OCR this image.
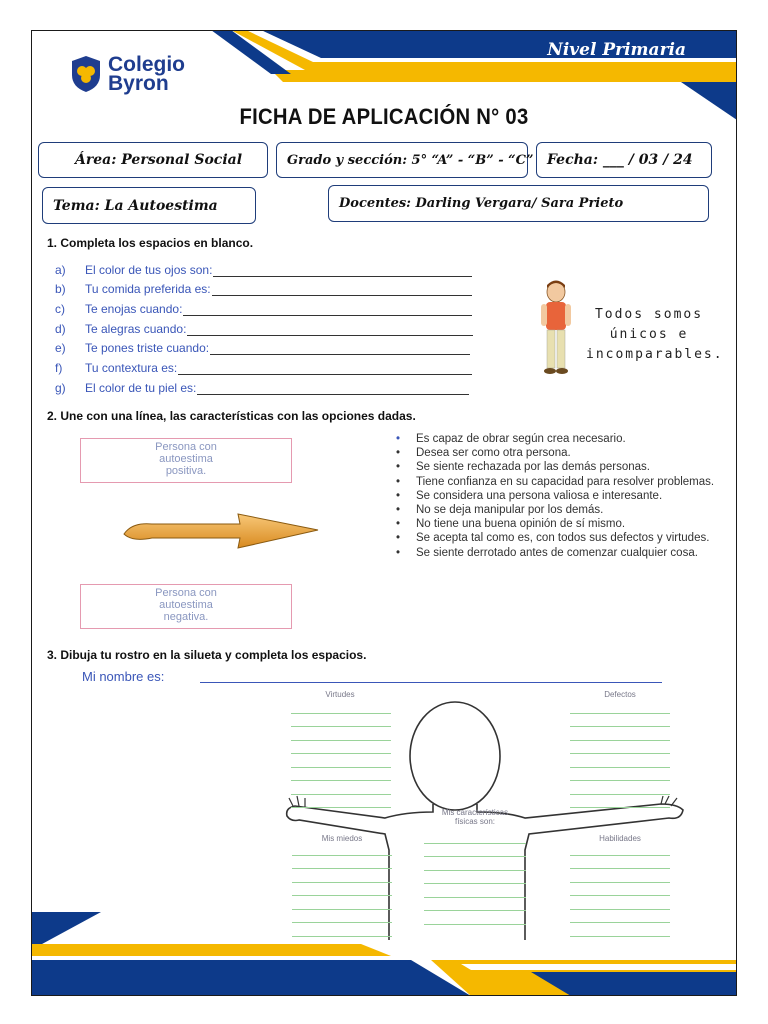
Colegio
Byron
Nivel Primaria
FICHA DE APLICACIÓN N° 03
Área: Personal Social	Grado y sección: 5° “A” - “B” - “C” Fecha: ___ / 03 / 24
Tema: La Autoestima	Docentes: Darling Vergara/ Sara Prieto
1. Completa los espacios en blanco.
a)	El color de tus ojos son:
b)	Tu comida preferida es:
c)	Te enojas cuando:
d)	Te alegras cuando:
e)	Te pones triste cuando:
f)	Tu contextura es:
g)	El color de tu piel es:
Todos somos
únicos e
incomparables.
2. Une con una línea, las características con las opciones dadas.
Persona con
autoestima
positiva.
Persona con
autoestima
negativa.
•	Es capaz de obrar según crea necesario.
•	Desea ser como otra persona.
•	Se siente rechazada por las demás personas.
•	Tiene confianza en su capacidad para resolver problemas.
•	Se considera una persona valiosa e interesante.
•	No se deja manipular por los demás.
•	No tiene una buena opinión de sí mismo.
•	Se acepta tal como es, con todos sus defectos y virtudes.
•	Se siente derrotado antes de comenzar cualquier cosa.
3. Dibuja tu rostro en la silueta y completa los espacios.
Mi nombre es:
Virtudes	Defectos
Mis miedos	Habilidades
Mis características
físicas son:
